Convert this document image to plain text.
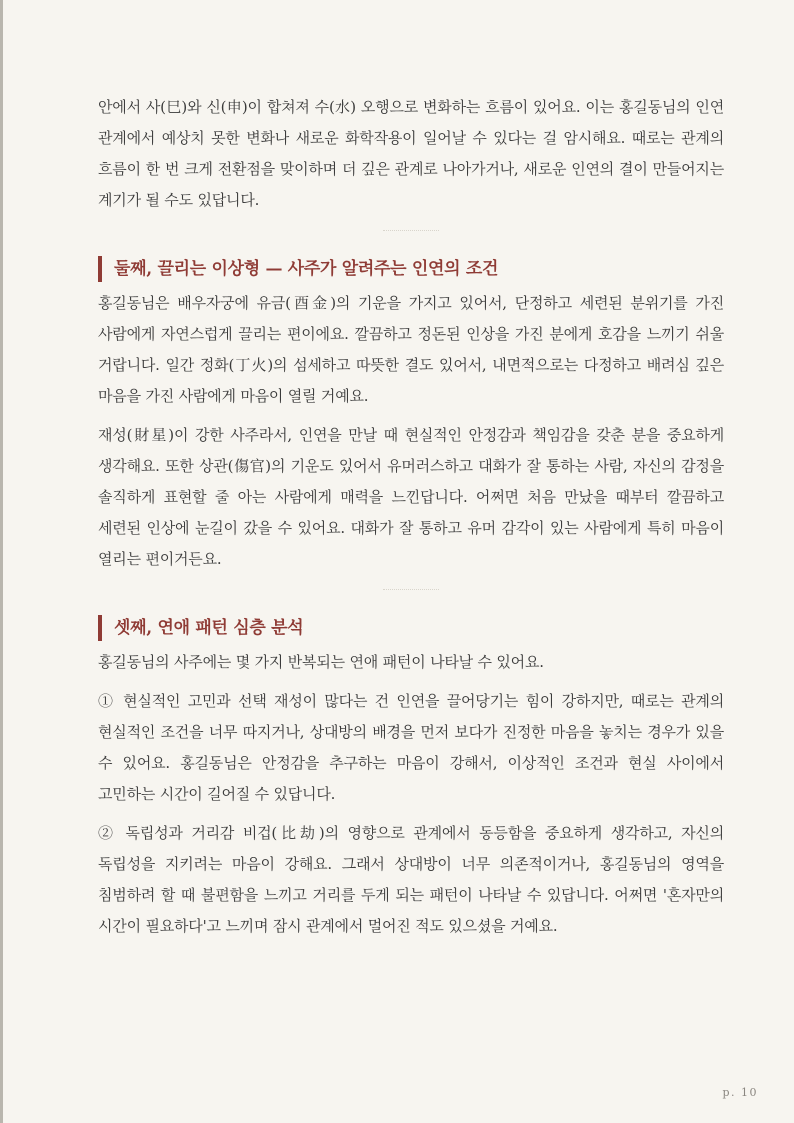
안에서 사(巳)와 신(申)이 합쳐져 수(水) 오행으로 변화하는 흐름이 있어요. 이는 홍길동님의 인연 관계에서 예상치 못한 변화나 새로운 화학작용이 일어날 수 있다는 걸 암시해요. 때로는 관계의 흐름이 한 번 크게 전환점을 맞이하며 더 깊은 관계로 나아가거나, 새로운 인연의 결이 만들어지는 계기가 될 수도 있답니다.

둘째, 끌리는 이상형 — 사주가 알려주는 인연의 조건

홍길동님은 배우자궁에 유금(酉金)의 기운을 가지고 있어서, 단정하고 세련된 분위기를 가진 사람에게 자연스럽게 끌리는 편이에요. 깔끔하고 정돈된 인상을 가진 분에게 호감을 느끼기 쉬울 거랍니다. 일간 정화(丁火)의 섬세하고 따뜻한 결도 있어서, 내면적으로는 다정하고 배려심 깊은 마음을 가진 사람에게 마음이 열릴 거예요.

재성(財星)이 강한 사주라서, 인연을 만날 때 현실적인 안정감과 책임감을 갖춘 분을 중요하게 생각해요. 또한 상관(傷官)의 기운도 있어서 유머러스하고 대화가 잘 통하는 사람, 자신의 감정을 솔직하게 표현할 줄 아는 사람에게 매력을 느낀답니다. 어쩌면 처음 만났을 때부터 깔끔하고 세련된 인상에 눈길이 갔을 수 있어요. 대화가 잘 통하고 유머 감각이 있는 사람에게 특히 마음이 열리는 편이거든요.

셋째, 연애 패턴 심층 분석

홍길동님의 사주에는 몇 가지 반복되는 연애 패턴이 나타날 수 있어요.

① 현실적인 고민과 선택 재성이 많다는 건 인연을 끌어당기는 힘이 강하지만, 때로는 관계의 현실적인 조건을 너무 따지거나, 상대방의 배경을 먼저 보다가 진정한 마음을 놓치는 경우가 있을 수 있어요. 홍길동님은 안정감을 추구하는 마음이 강해서, 이상적인 조건과 현실 사이에서 고민하는 시간이 길어질 수 있답니다.

② 독립성과 거리감 비겁(比劫)의 영향으로 관계에서 동등함을 중요하게 생각하고, 자신의 독립성을 지키려는 마음이 강해요. 그래서 상대방이 너무 의존적이거나, 홍길동님의 영역을 침범하려 할 때 불편함을 느끼고 거리를 두게 되는 패턴이 나타날 수 있답니다. 어쩌면 '혼자만의 시간이 필요하다'고 느끼며 잠시 관계에서 멀어진 적도 있으셨을 거예요.

p. 10
